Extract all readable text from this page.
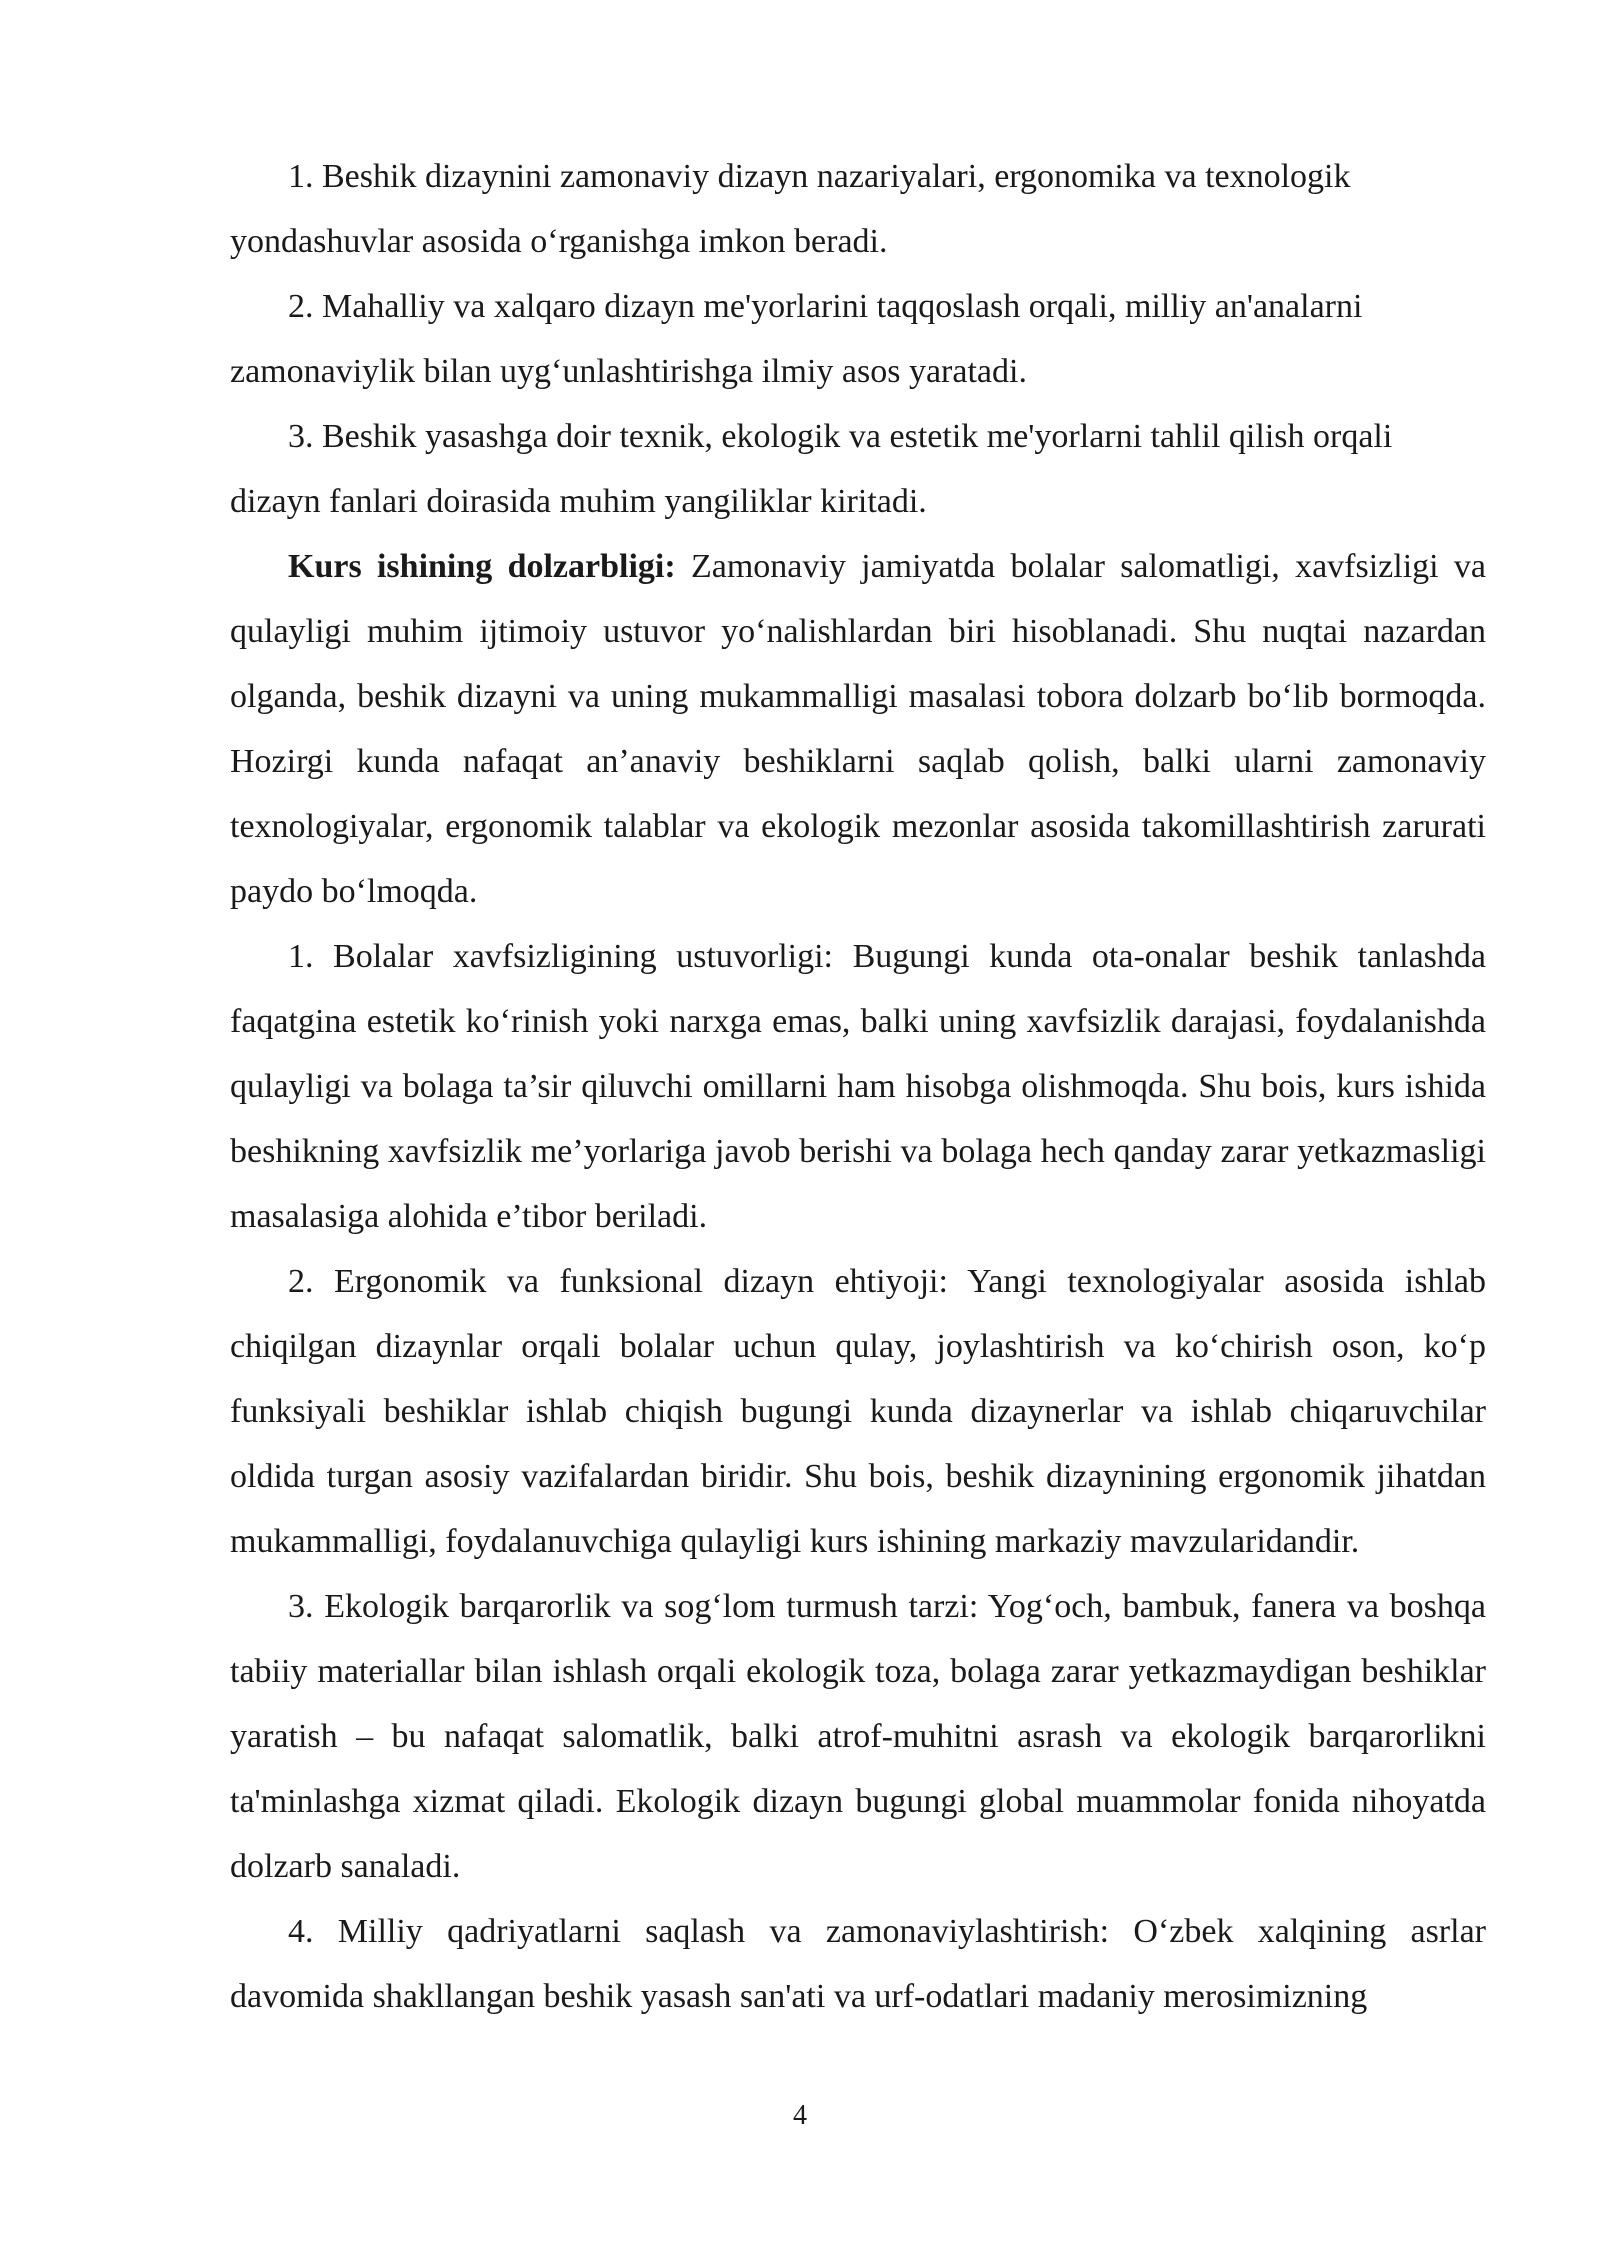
1. Beshik dizaynini zamonaviy dizayn nazariyalari, ergonomika va texnologik yondashuvlar asosida o‘rganishga imkon beradi.

2. Mahalliy va xalqaro dizayn me'yorlarini taqqoslash orqali, milliy an'analarni zamonaviylik bilan uyg‘unlashtirishga ilmiy asos yaratadi.

3. Beshik yasashga doir texnik, ekologik va estetik me'yorlarni tahlil qilish orqali dizayn fanlari doirasida muhim yangiliklar kiritadi.

Kurs ishining dolzarbligi: Zamonaviy jamiyatda bolalar salomatligi, xavfsizligi va qulayligi muhim ijtimoiy ustuvor yo‘nalishlardan biri hisoblanadi. Shu nuqtai nazardan olganda, beshik dizayni va uning mukammalligi masalasi tobora dolzarb bo‘lib bormoqda. Hozirgi kunda nafaqat an’anaviy beshiklarni saqlab qolish, balki ularni zamonaviy texnologiyalar, ergonomik talablar va ekologik mezonlar asosida takomillashtirish zarurati paydo bo‘lmoqda.

1. Bolalar xavfsizligining ustuvorligi: Bugungi kunda ota-onalar beshik tanlashda faqatgina estetik ko‘rinish yoki narxga emas, balki uning xavfsizlik darajasi, foydalanishda qulayligi va bolaga ta’sir qiluvchi omillarni ham hisobga olishmoqda. Shu bois, kurs ishida beshikning xavfsizlik me’yorlariga javob berishi va bolaga hech qanday zarar yetkazmasligi masalasiga alohida e’tibor beriladi.

2. Ergonomik va funksional dizayn ehtiyoji: Yangi texnologiyalar asosida ishlab chiqilgan dizaynlar orqali bolalar uchun qulay, joylashtirish va ko‘chirish oson, ko‘p funksiyali beshiklar ishlab chiqish bugungi kunda dizaynerlar va ishlab chiqaruvchilar oldida turgan asosiy vazifalardan biridir. Shu bois, beshik dizaynining ergonomik jihatdan mukammalligi, foydalanuvchiga qulayligi kurs ishining markaziy mavzularidandir.

3. Ekologik barqarorlik va sog‘lom turmush tarzi: Yog‘och, bambuk, fanera va boshqa tabiiy materiallar bilan ishlash orqali ekologik toza, bolaga zarar yetkazmaydigan beshiklar yaratish – bu nafaqat salomatlik, balki atrof-muhitni asrash va ekologik barqarorlikni ta'minlashga xizmat qiladi. Ekologik dizayn bugungi global muammolar fonida nihoyatda dolzarb sanaladi.

4. Milliy qadriyatlarni saqlash va zamonaviylashtirish: O‘zbek xalqining asrlar davomida shakllangan beshik yasash san'ati va urf-odatlari madaniy merosimizning

4
